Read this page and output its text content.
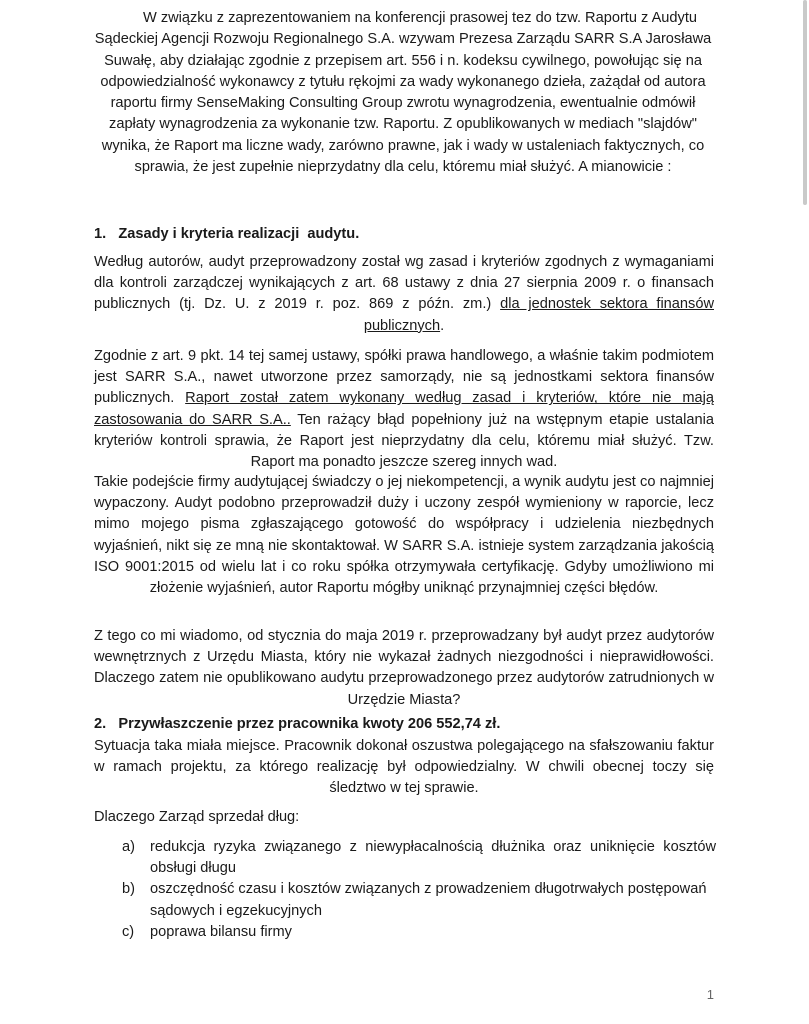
W związku z zaprezentowaniem na konferencji prasowej tez do tzw. Raportu z Audytu
Sądeckiej Agencji Rozwoju Regionalnego S.A. wzywam Prezesa Zarządu SARR S.A Jarosława
Suwałę, aby działając zgodnie z przepisem art. 556 i n. kodeksu cywilnego, powołując się na
odpowiedzialność wykonawcy z tytułu rękojmi za wady wykonanego dzieła, zażądał od autora
raportu firmy SenseMaking Consulting Group zwrotu wynagrodzenia, ewentualnie odmówił
zapłaty wynagrodzenia za wykonanie tzw. Raportu. Z opublikowanych w mediach "slajdów"
wynika, że Raport ma liczne wady, zarówno prawne, jak i wady w ustaleniach faktycznych, co
sprawia, że jest zupełnie nieprzydatny dla celu, któremu miał służyć. A mianowicie :
1.   Zasady i kryteria realizacji  audytu.
Według autorów, audyt przeprowadzony został wg zasad i kryteriów zgodnych z wymaganiami dla kontroli zarządczej wynikających z art. 68 ustawy z dnia 27 sierpnia 2009 r. o finansach publicznych (tj. Dz. U. z 2019 r. poz. 869 z późn. zm.) dla jednostek sektora finansów publicznych.
Zgodnie z art. 9 pkt. 14 tej samej ustawy, spółki prawa handlowego, a właśnie takim podmiotem jest SARR S.A., nawet utworzone przez samorządy, nie są jednostkami sektora finansów publicznych. Raport został zatem wykonany według zasad i kryteriów, które nie mają zastosowania do SARR S.A.. Ten rażący błąd popełniony już na wstępnym etapie ustalania kryteriów kontroli sprawia, że Raport jest nieprzydatny dla celu, któremu miał służyć. Tzw. Raport ma ponadto jeszcze szereg innych wad.
Takie podejście firmy audytującej świadczy o jej niekompetencji, a wynik audytu jest co najmniej wypaczony. Audyt podobno przeprowadził duży i uczony zespół wymieniony w raporcie, lecz mimo mojego pisma zgłaszającego gotowość do współpracy i udzielenia niezbędnych wyjaśnień, nikt się ze mną nie skontaktował. W SARR S.A. istnieje system zarządzania jakością ISO 9001:2015 od wielu lat i co roku spółka otrzymywała certyfikację. Gdyby umożliwiono mi złożenie wyjaśnień, autor Raportu mógłby uniknąć przynajmniej części błędów.
Z tego co mi wiadomo, od stycznia do maja 2019 r. przeprowadzany był audyt przez audytorów wewnętrznych z Urzędu Miasta, który nie wykazał żadnych niezgodności i nieprawidłowości. Dlaczego zatem nie opublikowano audytu przeprowadzonego przez audytorów zatrudnionych w Urzędzie Miasta?
2.   Przywłaszczenie przez pracownika kwoty 206 552,74 zł.
Sytuacja taka miała miejsce. Pracownik dokonał oszustwa polegającego na sfałszowaniu faktur w ramach projektu, za którego realizację był odpowiedzialny. W chwili obecnej toczy się śledztwo w tej sprawie.
Dlaczego Zarząd sprzedał dług:
a) redukcja ryzyka związanego z niewypłacalnością dłużnika oraz uniknięcie kosztów obsługi długu
b) oszczędność czasu i kosztów związanych z prowadzeniem długotrwałych postępowań sądowych i egzekucyjnych
c) poprawa bilansu firmy
1
